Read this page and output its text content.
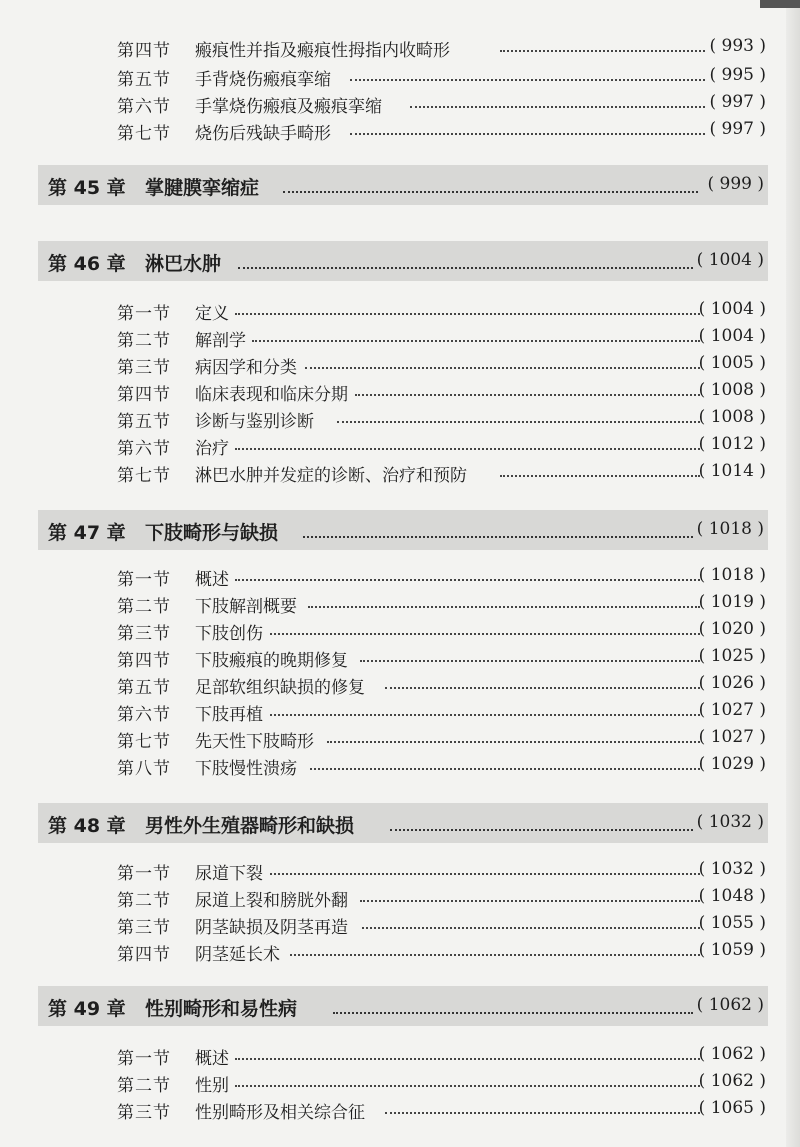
第四节 瘢痕性并指及瘢痕性拇指内收畸形	( 993 )
第五节 手背烧伤瘢痕挛缩	( 995 )
第六节 手掌烧伤瘢痕及瘢痕挛缩	( 997 )
第七节 烧伤后残缺手畸形	( 997 )
第 45 章 掌腱膜挛缩症	( 999 )
第 46 章 淋巴水肿	( 1004 )
第一节 定义	( 1004 )
第二节 解剖学	( 1004 )
第三节 病因学和分类	( 1005 )
第四节 临床表现和临床分期	( 1008 )
第五节 诊断与鉴别诊断	( 1008 )
第六节 治疗	( 1012 )
第七节 淋巴水肿并发症的诊断、治疗和预防	( 1014 )
第 47 章 下肢畸形与缺损	( 1018 )
第一节 概述	( 1018 )
第二节 下肢解剖概要	( 1019 )
第三节 下肢创伤	( 1020 )
第四节 下肢瘢痕的晚期修复	( 1025 )
第五节 足部软组织缺损的修复	( 1026 )
第六节 下肢再植	( 1027 )
第七节 先天性下肢畸形	( 1027 )
第八节 下肢慢性溃疡	( 1029 )
第 48 章 男性外生殖器畸形和缺损	( 1032 )
第一节 尿道下裂	( 1032 )
第二节 尿道上裂和膀胱外翻	( 1048 )
第三节 阴茎缺损及阴茎再造	( 1055 )
第四节 阴茎延长术	( 1059 )
第 49 章 性别畸形和易性病	( 1062 )
第一节 概述	( 1062 )
第二节 性别	( 1062 )
第三节 性别畸形及相关综合征	( 1065 )
